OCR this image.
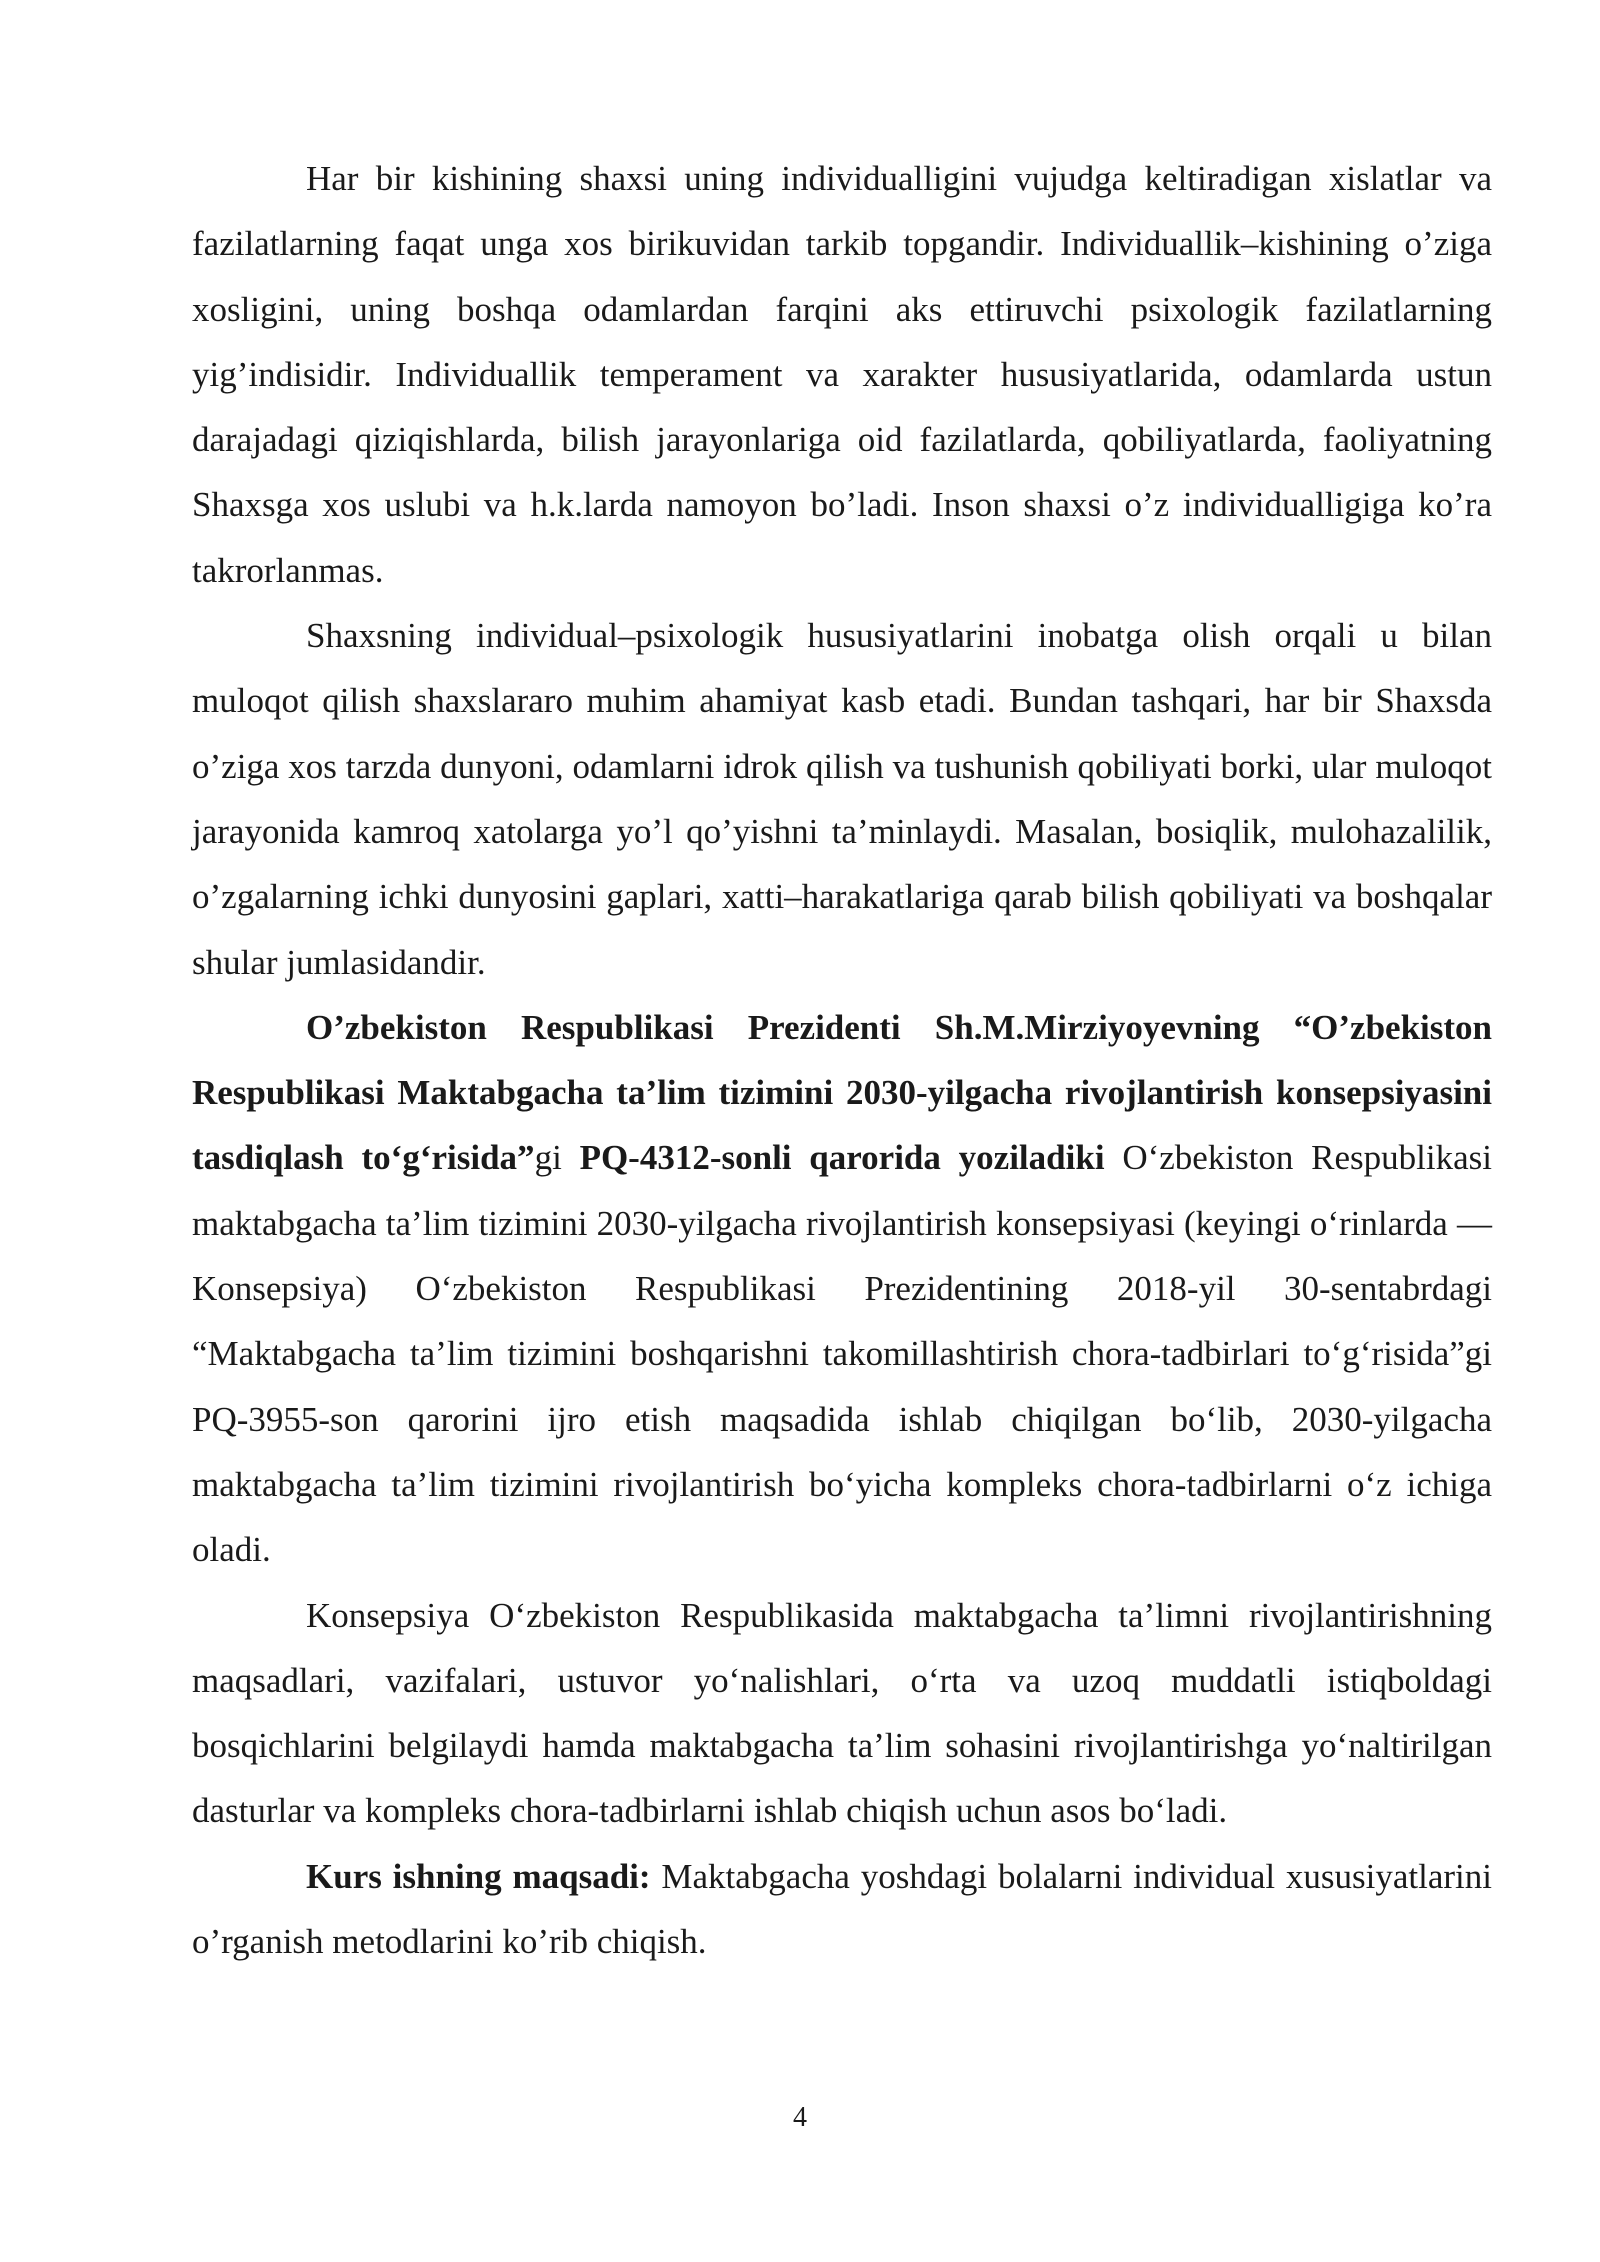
Har bir kishining shaxsi uning individualligini vujudga keltiradigan xislatlar va fazilatlarning faqat unga xos birikuvidan tarkib topgandir. Individuallik–kishining o’ziga xosligini, uning boshqa odamlardan farqini aks ettiruvchi psixologik fazilatlarning yig’indisidir. Individuallik temperament va xarakter hususiyatlarida, odamlarda ustun darajadagi qiziqishlarda, bilish jarayonlariga oid fazilatlarda, qobiliyatlarda, faoliyatning Shaxsga xos uslubi va h.k.larda namoyon bo’ladi. Inson shaxsi o’z individualligiga ko’ra takrorlanmas.

Shaxsning individual–psixologik hususiyatlarini inobatga olish orqali u bilan muloqot qilish shaxslararo muhim ahamiyat kasb etadi. Bundan tashqari, har bir Shaxsda o’ziga xos tarzda dunyoni, odamlarni idrok qilish va tushunish qobiliyati borki, ular muloqot jarayonida kamroq xatolarga yo’l qo’yishni ta’minlaydi. Masalan, bosiqlik, mulohazalilik, o’zgalarning ichki dunyosini gaplari, xatti–harakatlariga qarab bilish qobiliyati va boshqalar shular jumlasidandir.

O’zbekiston Respublikasi Prezidenti Sh.M.Mirziyoyevning “O’zbekiston Respublikasi Maktabgacha ta’lim tizimini 2030-yilgacha rivojlantirish konsepsiyasini tasdiqlash to‘g‘risida”gi PQ-4312-sonli qarorida yoziladiki O‘zbekiston Respublikasi maktabgacha ta’lim tizimini 2030-yilgacha rivojlantirish konsepsiyasi (keyingi o‘rinlarda — Konsepsiya) O‘zbekiston Respublikasi Prezidentining 2018-yil 30-sentabrdagi “Maktabgacha ta’lim tizimini boshqarishni takomillashtirish chora-tadbirlari to‘g‘risida”gi PQ-3955-son qarorini ijro etish maqsadida ishlab chiqilgan bo‘lib, 2030-yilgacha maktabgacha ta’lim tizimini rivojlantirish bo‘yicha kompleks chora-tadbirlarni o‘z ichiga oladi.

Konsepsiya O‘zbekiston Respublikasida maktabgacha ta’limni rivojlantirishning maqsadlari, vazifalari, ustuvor yo‘nalishlari, o‘rta va uzoq muddatli istiqboldagi bosqichlarini belgilaydi hamda maktabgacha ta’lim sohasini rivojlantirishga yo‘naltirilgan dasturlar va kompleks chora-tadbirlarni ishlab chiqish uchun asos bo‘ladi.

Kurs ishning maqsadi: Maktabgacha yoshdagi bolalarni individual xususiyatlarini o’rganish metodlarini ko’rib chiqish.

4
